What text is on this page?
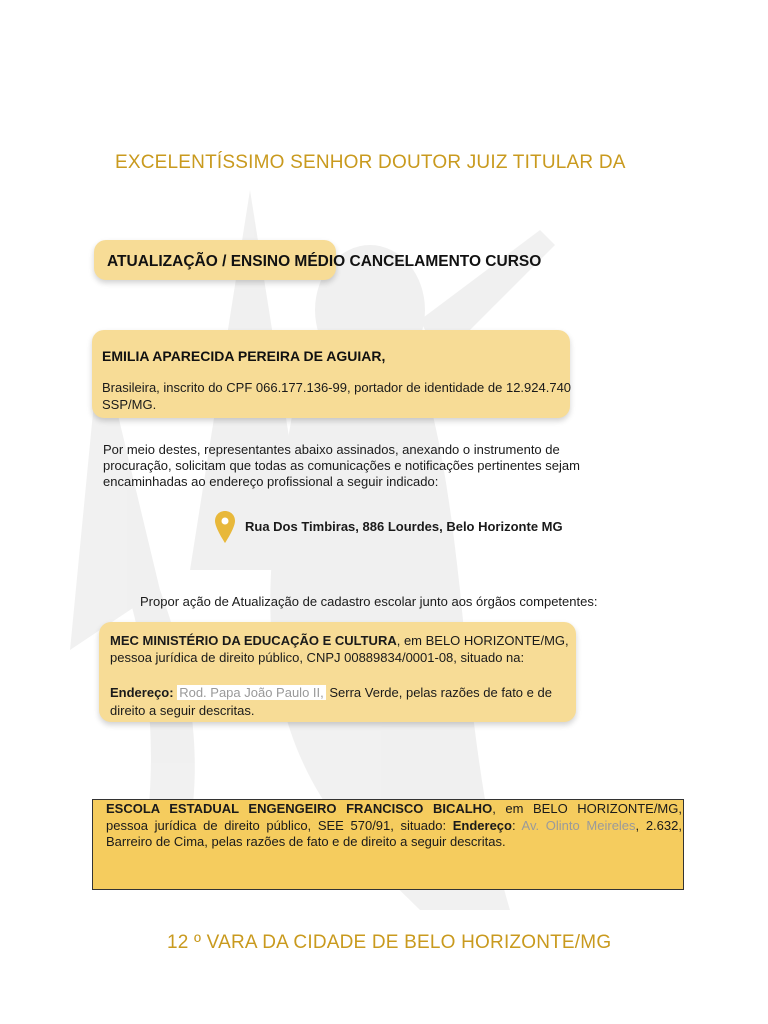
EXCELENTÍSSIMO SENHOR DOUTOR JUIZ TITULAR DA
ATUALIZAÇÃO / ENSINO MÉDIO CANCELAMENTO CURSO
EMILIA APARECIDA PEREIRA DE AGUIAR,
Brasileira, inscrito do CPF 066.177.136-99, portador de identidade de 12.924.740 SSP/MG.
Por meio destes, representantes abaixo assinados, anexando o instrumento de procuração, solicitam que todas as comunicações e notificações pertinentes sejam encaminhadas ao endereço profissional a seguir indicado:
Rua Dos Timbiras, 886 Lourdes, Belo Horizonte MG
Propor ação de Atualização de cadastro escolar junto aos órgãos competentes:
MEC MINISTÉRIO DA EDUCAÇÃO E CULTURA, em BELO HORIZONTE/MG, pessoa jurídica de direito público, CNPJ 00889834/0001-08, situado na:
Endereço: Rod. Papa João Paulo II, Serra Verde, pelas razões de fato e de direito a seguir descritas.
ESCOLA ESTADUAL ENGENGEIRO FRANCISCO BICALHO, em BELO HORIZONTE/MG, pessoa jurídica de direito público, SEE 570/91, situado: Endereço: Av. Olinto Meireles, 2.632, Barreiro de Cima, pelas razões de fato e de direito a seguir descritas.
12 º VARA DA CIDADE DE BELO HORIZONTE/MG
